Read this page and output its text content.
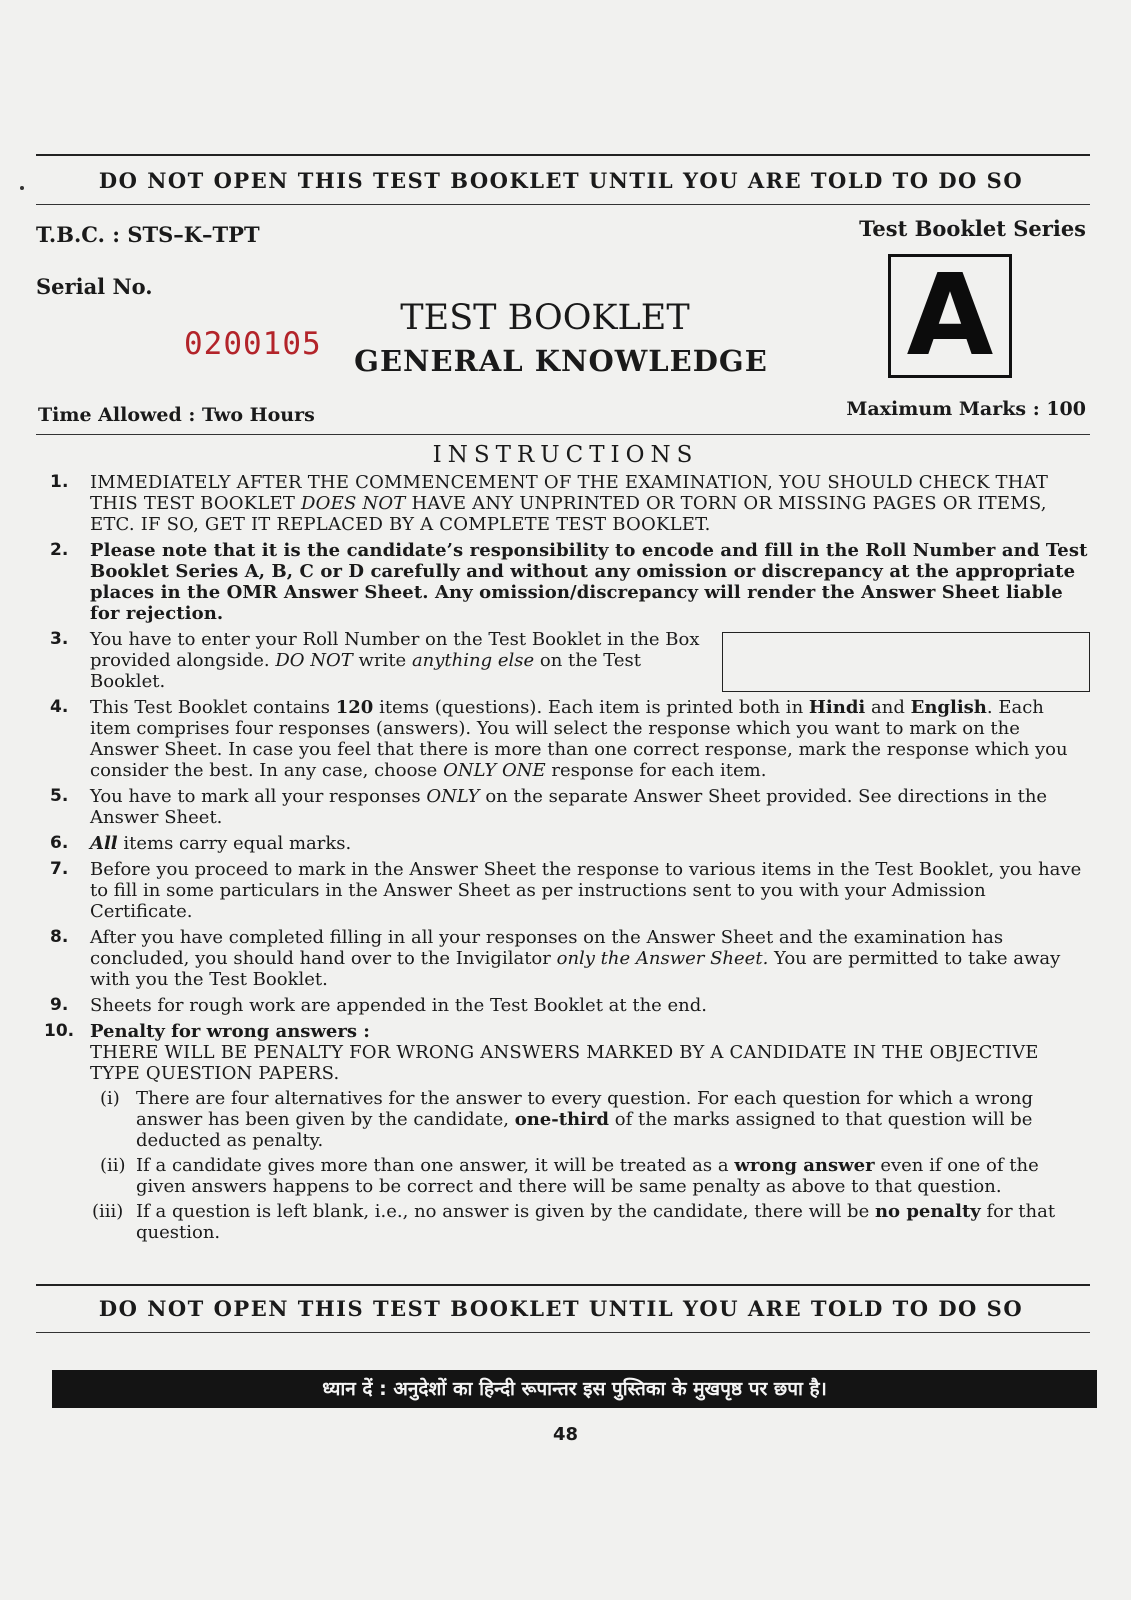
DO NOT OPEN THIS TEST BOOKLET UNTIL YOU ARE TOLD TO DO SO
T.B.C. : STS–K–TPT	Test Booklet Series
Serial No.
0200105
TEST BOOKLET
GENERAL KNOWLEDGE A
Time Allowed : Two Hours	Maximum Marks : 100
INSTRUCTIONS
1. IMMEDIATELY AFTER THE COMMENCEMENT OF THE EXAMINATION, YOU SHOULD CHECK THAT THIS TEST BOOKLET DOES NOT HAVE ANY UNPRINTED OR TORN OR MISSING PAGES OR ITEMS, ETC. IF SO, GET IT REPLACED BY A COMPLETE TEST BOOKLET.
2. Please note that it is the candidate’s responsibility to encode and fill in the Roll Number and Test Booklet Series A, B, C or D carefully and without any omission or discrepancy at the appropriate places in the OMR Answer Sheet. Any omission/discrepancy will render the Answer Sheet liable for rejection.
3. You have to enter your Roll Number on the Test Booklet in the Box provided alongside. DO NOT write anything else on the Test Booklet.
4. This Test Booklet contains 120 items (questions). Each item is printed both in Hindi and English. Each item comprises four responses (answers). You will select the response which you want to mark on the Answer Sheet. In case you feel that there is more than one correct response, mark the response which you consider the best. In any case, choose ONLY ONE response for each item.
5. You have to mark all your responses ONLY on the separate Answer Sheet provided. See directions in the Answer Sheet.
6. All items carry equal marks.
7. Before you proceed to mark in the Answer Sheet the response to various items in the Test Booklet, you have to fill in some particulars in the Answer Sheet as per instructions sent to you with your Admission Certificate.
8. After you have completed filling in all your responses on the Answer Sheet and the examination has concluded, you should hand over to the Invigilator only the Answer Sheet. You are permitted to take away with you the Test Booklet.
9. Sheets for rough work are appended in the Test Booklet at the end.
10. Penalty for wrong answers :
THERE WILL BE PENALTY FOR WRONG ANSWERS MARKED BY A CANDIDATE IN THE OBJECTIVE TYPE QUESTION PAPERS.
(i) There are four alternatives for the answer to every question. For each question for which a wrong answer has been given by the candidate, one-third of the marks assigned to that question will be deducted as penalty.
(ii) If a candidate gives more than one answer, it will be treated as a wrong answer even if one of the given answers happens to be correct and there will be same penalty as above to that question.
(iii) If a question is left blank, i.e., no answer is given by the candidate, there will be no penalty for that question.
DO NOT OPEN THIS TEST BOOKLET UNTIL YOU ARE TOLD TO DO SO
ध्यान दें : अनुदेशों का हिन्दी रूपान्तर इस पुस्तिका के मुखपृष्ठ पर छपा है।
48
